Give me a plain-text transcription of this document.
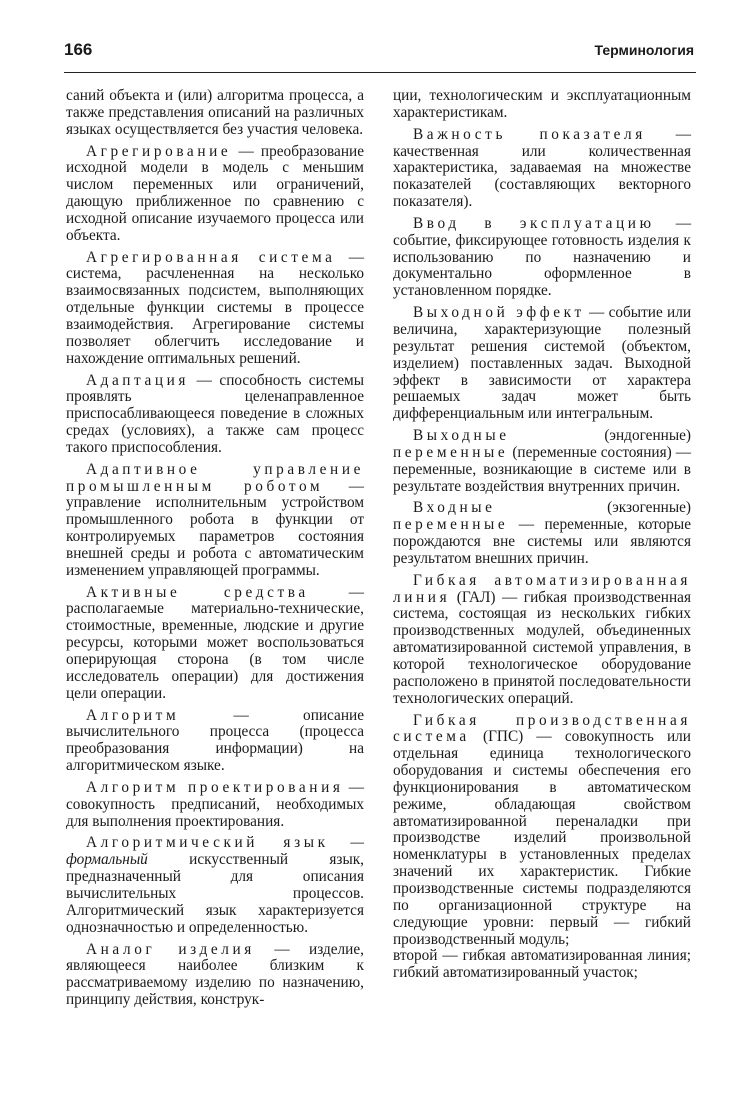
166	Терминология

саний объекта и (или) алгоритма процесса, а также представления описаний на различных языках осуществляется без участия человека.

Агрегирование — преобразование исходной модели в модель с меньшим числом переменных или ограничений, дающую приближенное по сравнению с исходной описание изучаемого процесса или объекта.

Агрегированная система — система, расчлененная на несколько взаимосвязанных подсистем, выполняющих отдельные функции системы в процессе взаимодействия. Агрегирование системы позволяет облегчить исследование и нахождение оптимальных решений.

Адаптация — способность системы проявлять целенаправленное приспосабливающееся поведение в сложных средах (условиях), а также сам процесс такого приспособления.

Адаптивное управление промышленным роботом — управление исполнительным устройством промышленного робота в функции от контролируемых параметров состояния внешней среды и робота с автоматическим изменением управляющей программы.

Активные средства — располагаемые материально-технические, стоимостные, временные, людские и другие ресурсы, которыми может воспользоваться оперирующая сторона (в том числе исследователь операции) для достижения цели операции.

Алгоритм — описание вычислительного процесса (процесса преобразования информации) на алгоритмическом языке.

Алгоритм проектирования — совокупность предписаний, необходимых для выполнения проектирования.

Алгоритмический язык — формальный искусственный язык, предназначенный для описания вычислительных процессов. Алгоритмический язык характеризуется однозначностью и определенностью.

Аналог изделия — изделие, являющееся наиболее близким к рассматриваемому изделию по назначению, принципу действия, конструк-

ции, технологическим и эксплуатационным характеристикам.

Важность показателя — качественная или количественная характеристика, задаваемая на множестве показателей (составляющих векторного показателя).

Ввод в эксплуатацию — событие, фиксирующее готовность изделия к использованию по назначению и документально оформленное в установленном порядке.

Выходной эффект — событие или величина, характеризующие полезный результат решения системой (объектом, изделием) поставленных задач. Выходной эффект в зависимости от характера решаемых задач может быть дифференциальным или интегральным.

Выходные (эндогенные) переменные (переменные состояния) — переменные, возникающие в системе или в результате воздействия внутренних причин.

Входные (экзогенные) переменные — переменные, которые порождаются вне системы или являются результатом внешних причин.

Гибкая автоматизированная линия (ГАЛ) — гибкая производственная система, состоящая из нескольких гибких производственных модулей, объединенных автоматизированной системой управления, в которой технологическое оборудование расположено в принятой последовательности технологических операций.

Гибкая производственная система (ГПС) — совокупность или отдельная единица технологического оборудования и системы обеспечения его функционирования в автоматическом режиме, обладающая свойством автоматизированной переналадки при производстве изделий произвольной номенклатуры в установленных пределах значений их характеристик. Гибкие производственные системы подразделяются по организационной структуре на следующие уровни: первый — гибкий производственный модуль;

второй — гибкая автоматизированная линия; гибкий автоматизированный участок;
